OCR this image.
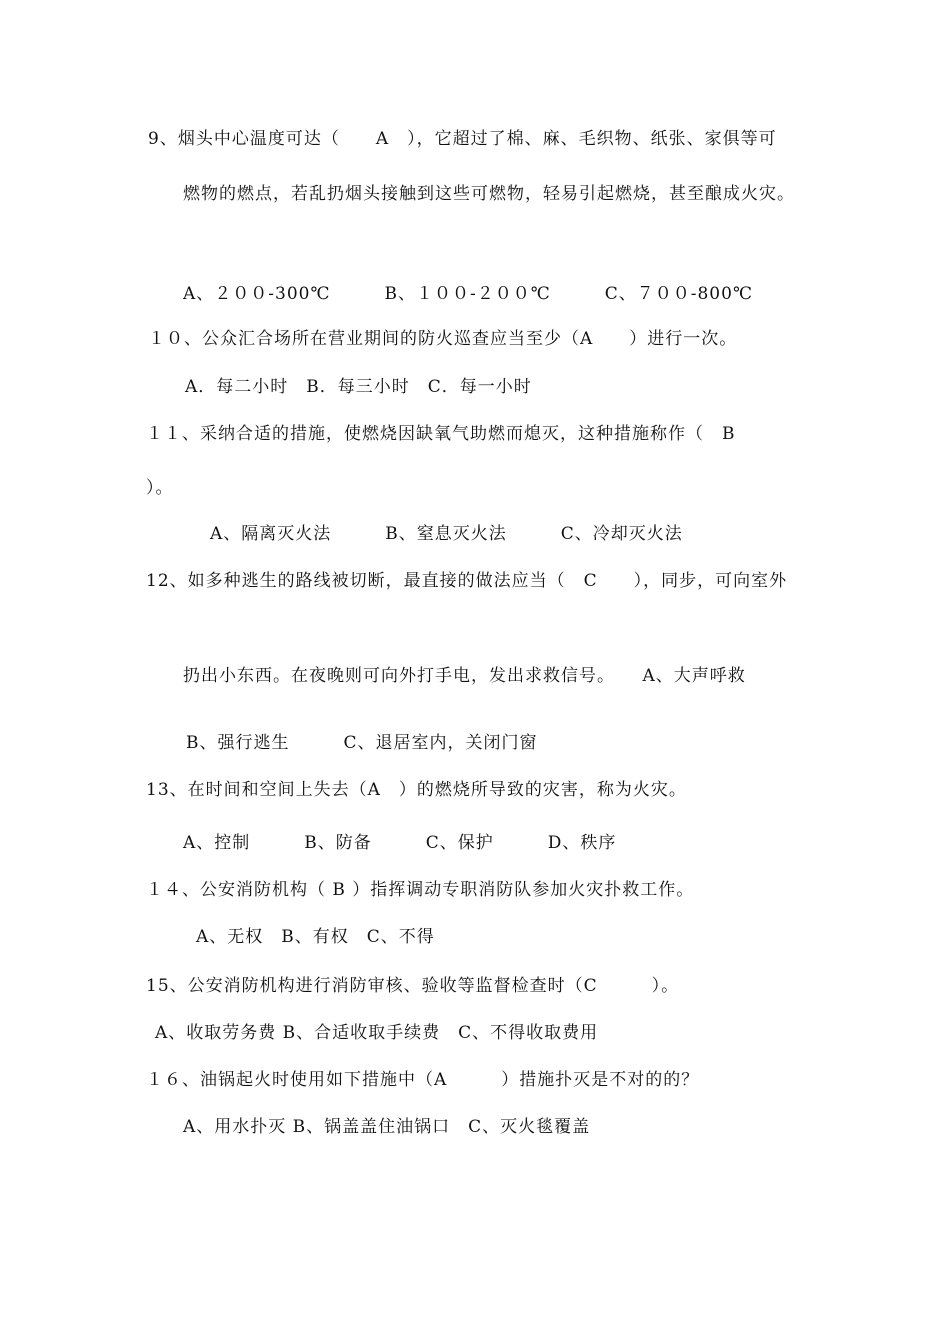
9、烟头中心温度可达（　　A　），它超过了棉、麻、毛织物、纸张、家俱等可
燃物的燃点，若乱扔烟头接触到这些可燃物，轻易引起燃烧，甚至酿成火灾。
A、２００-300℃　　　B、１００-２００℃　　　C、７００-800℃
１０、公众汇合场所在营业期间的防火巡查应当至少（A　　）进行一次。
A．每二小时　B．每三小时　C．每一小时
１１、采纳合适的措施，使燃烧因缺氧气助燃而熄灭，这种措施称作（　B
）。
A、隔离灭火法　　　B、窒息灭火法　　　C、冷却灭火法
12、如多种逃生的路线被切断，最直接的做法应当（　C　　），同步，可向室外
扔出小东西。在夜晚则可向外打手电，发出求救信号。　　A、大声呼救
B、强行逃生　　　C、退居室内，关闭门窗
13、在时间和空间上失去（A　）的燃烧所导致的灾害，称为火灾。
A、控制　　　B、防备　　　C、保护　　　D、秩序
１４、公安消防机构（ B ）指挥调动专职消防队参加火灾扑救工作。
A、无权　B、有权　C、不得
15、公安消防机构进行消防审核、验收等监督检查时（C　　　）。
A、收取劳务费 B、合适收取手续费　C、不得收取费用
１６、油锅起火时使用如下措施中（A　　　）措施扑灭是不对的的？
A、用水扑灭 B、锅盖盖住油锅口　C、灭火毯覆盖
